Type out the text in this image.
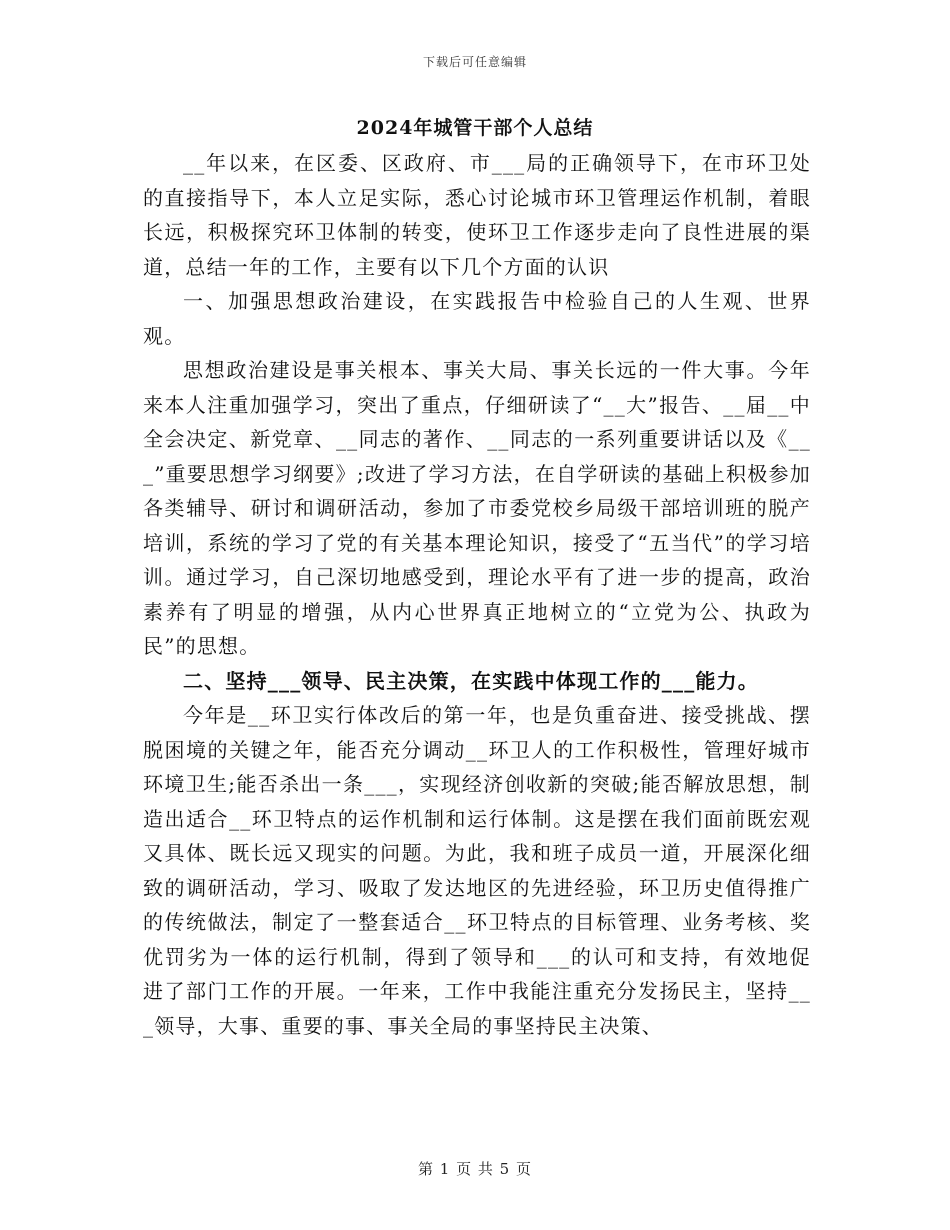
下载后可任意编辑
2024年城管干部个人总结

__年以来，在区委、区政府、市___局的正确领导下，在市环卫处的直接指导下，本人立足实际，悉心讨论城市环卫管理运作机制，着眼长远，积极探究环卫体制的转变，使环卫工作逐步走向了良性进展的渠道，总结一年的工作，主要有以下几个方面的认识

一、加强思想政治建设，在实践报告中检验自己的人生观、世界观。

思想政治建设是事关根本、事关大局、事关长远的一件大事。今年来本人注重加强学习，突出了重点，仔细研读了“__大”报告、__届__中全会决定、新党章、__同志的著作、__同志的一系列重要讲话以及《___”重要思想学习纲要》;改进了学习方法，在自学研读的基础上积极参加各类辅导、研讨和调研活动，参加了市委党校乡局级干部培训班的脱产培训，系统的学习了党的有关基本理论知识，接受了“五当代”的学习培训。通过学习，自己深切地感受到，理论水平有了进一步的提高，政治素养有了明显的增强，从内心世界真正地树立的“立党为公、执政为民”的思想。

二、坚持___领导、民主决策，在实践中体现工作的___能力。

今年是__环卫实行体改后的第一年，也是负重奋进、接受挑战、摆脱困境的关键之年，能否充分调动__环卫人的工作积极性，管理好城市环境卫生;能否杀出一条___，实现经济创收新的突破;能否解放思想，制造出适合__环卫特点的运作机制和运行体制。这是摆在我们面前既宏观又具体、既长远又现实的问题。为此，我和班子成员一道，开展深化细致的调研活动，学习、吸取了发达地区的先进经验，环卫历史值得推广的传统做法，制定了一整套适合__环卫特点的目标管理、业务考核、奖优罚劣为一体的运行机制，得到了领导和___的认可和支持，有效地促进了部门工作的开展。一年来，工作中我能注重充分发扬民主，坚持___领导，大事、重要的事、事关全局的事坚持民主决策、

第 1 页 共 5 页
